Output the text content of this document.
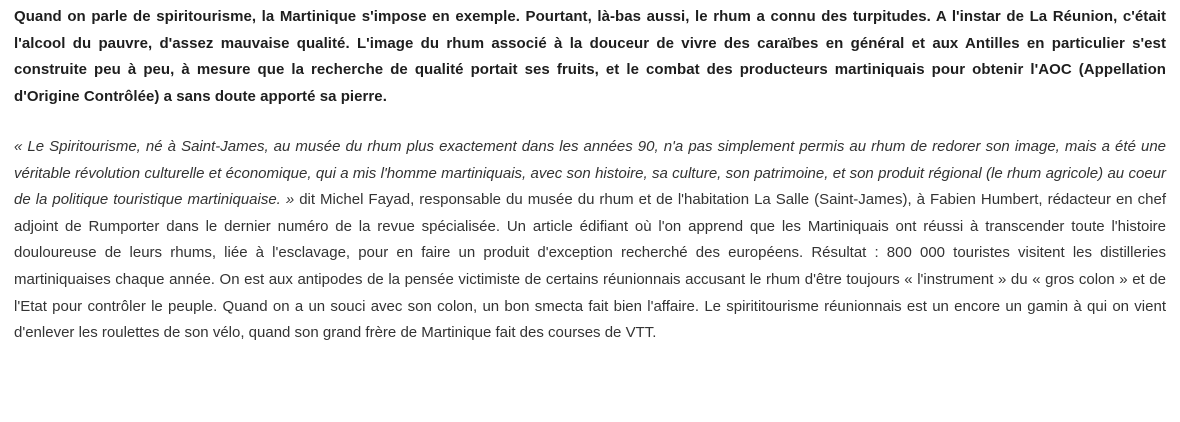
Quand on parle de spiritourisme, la Martinique s'impose en exemple. Pourtant, là-bas aussi, le rhum a connu des turpitudes. A l'instar de La Réunion, c'était l'alcool du pauvre, d'assez mauvaise qualité. L'image du rhum associé à la douceur de vivre des caraïbes en général et aux Antilles en particulier s'est construite peu à peu, à mesure que la recherche de qualité portait ses fruits, et le combat des producteurs martiniquais pour obtenir l'AOC (Appellation d'Origine Contrôlée) a sans doute apporté sa pierre.

« Le Spiritourisme, né à Saint-James, au musée du rhum plus exactement dans les années 90, n'a pas simplement permis au rhum de redorer son image, mais a été une véritable révolution culturelle et économique, qui a mis l'homme martiniquais, avec son histoire, sa culture, son patrimoine, et son produit régional (le rhum agricole) au coeur de la politique touristique martiniquaise. » dit Michel Fayad, responsable du musée du rhum et de l'habitation La Salle (Saint-James), à Fabien Humbert, rédacteur en chef adjoint de Rumporter dans le dernier numéro de la revue spécialisée. Un article édifiant où l'on apprend que les Martiniquais ont réussi à transcender toute l'histoire douloureuse de leurs rhums, liée à l'esclavage, pour en faire un produit d'exception recherché des européens. Résultat : 800 000 touristes visitent les distilleries martiniquaises chaque année. On est aux antipodes de la pensée victimiste de certains réunionnais accusant le rhum d'être toujours « l'instrument » du « gros colon » et de l'Etat pour contrôler le peuple. Quand on a un souci avec son colon, un bon smecta fait bien l'affaire. Le spirititourisme réunionnais est un encore un gamin à qui on vient d'enlever les roulettes de son vélo, quand son grand frère de Martinique fait des courses de VTT.
